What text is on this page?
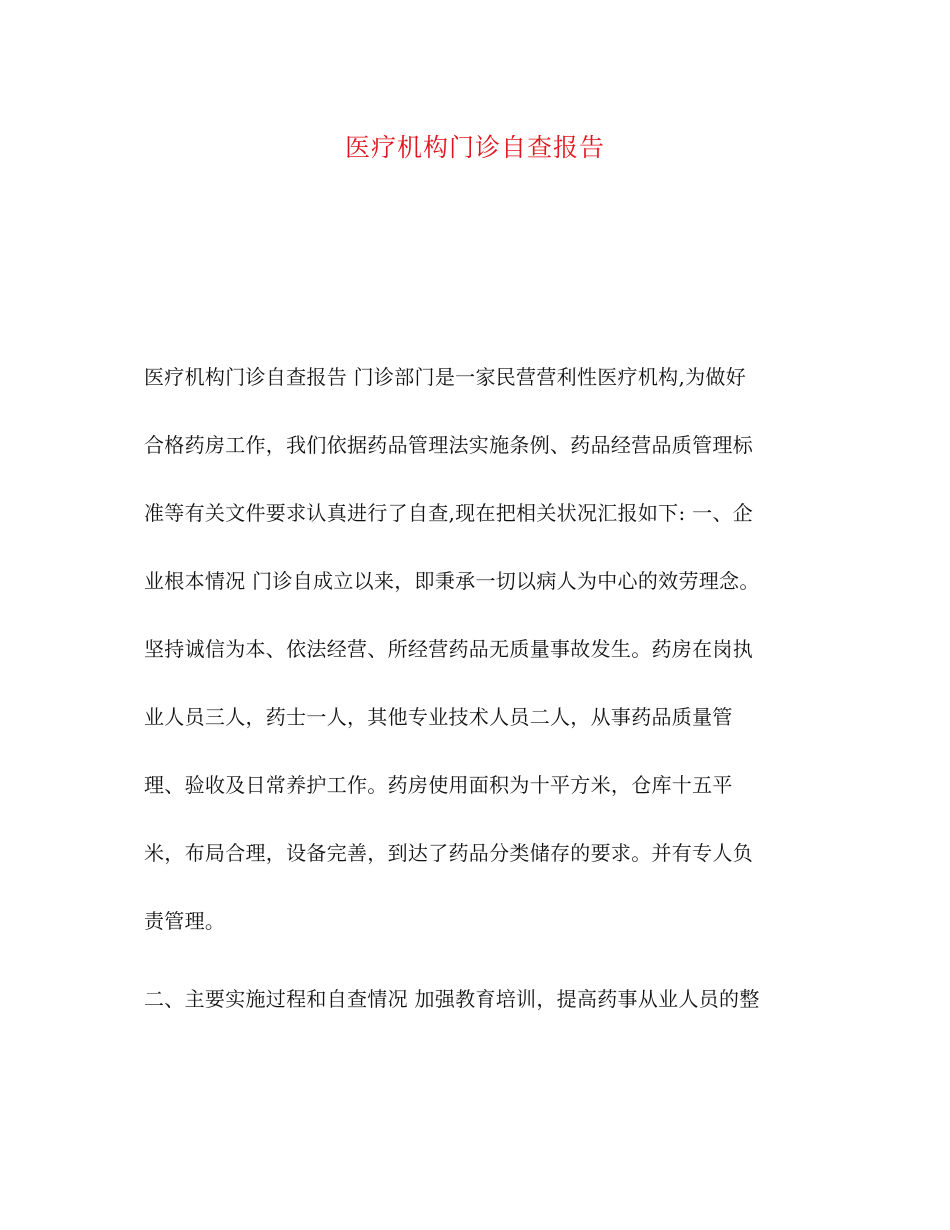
医疗机构门诊自查报告
医疗机构门诊自查报告 门诊部门是一家民营营利性医疗机构,为做好
合格药房工作，我们依据药品管理法实施条例、药品经营品质管理标
准等有关文件要求认真进行了自查,现在把相关状况汇报如下: 一、企
业根本情况 门诊自成立以来，即秉承一切以病人为中心的效劳理念。
坚持诚信为本、依法经营、所经营药品无质量事故发生。药房在岗执
业人员三人，药士一人，其他专业技术人员二人，从事药品质量管
理、验收及日常养护工作。药房使用面积为十平方米，仓库十五平
米，布局合理，设备完善，到达了药品分类储存的要求。并有专人负
责管理。
二、主要实施过程和自查情况 加强教育培训，提高药事从业人员的整
